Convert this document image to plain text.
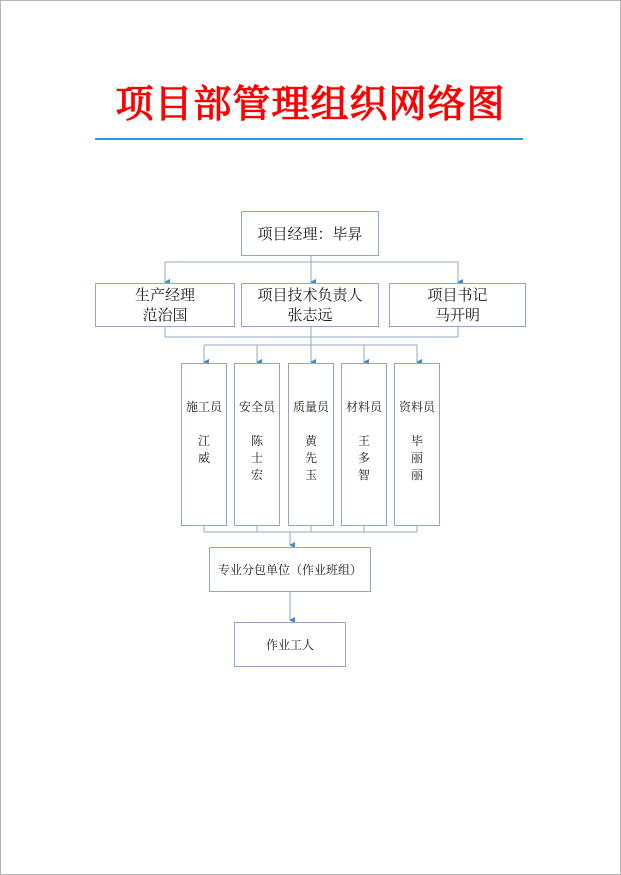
项目部管理组织网络图
项目经理：毕昇
生产经理
范治国
项目技术负责人
张志远
项目书记
马开明
施工员
江威
安全员
陈士宏
质量员
黄先玉
材料员
王多智
资料员
毕丽丽
专业分包单位（作业班组）
作业工人
